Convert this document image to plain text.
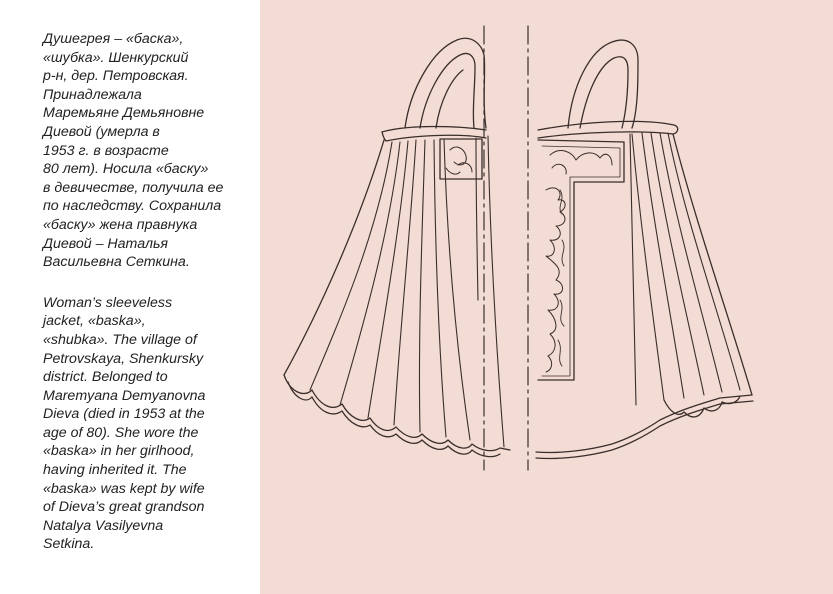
Душегрея – «баска»,
«шубка». Шенкурский
р-н, дер. Петровская.
Принадлежала
Маремьяне Демьяновне
Диевой (умерла в
1953 г. в возрасте
80 лет). Носила «баску»
в девичестве, получила ее
по наследству. Сохранила
«баску» жена правнука
Диевой – Наталья
Васильевна Сеткина.

Woman’s sleeveless
jacket, «baska»,
«shubka». The village of
Petrovskaya, Shenkursky
district. Belonged to
Maremyana Demyanovna
Dieva (died in 1953 at the
age of 80). She wore the
«baska» in her girlhood,
having inherited it. The
«baska» was kept by wife
of Dieva’s great grandson
Natalya Vasilyevna
Setkina.
